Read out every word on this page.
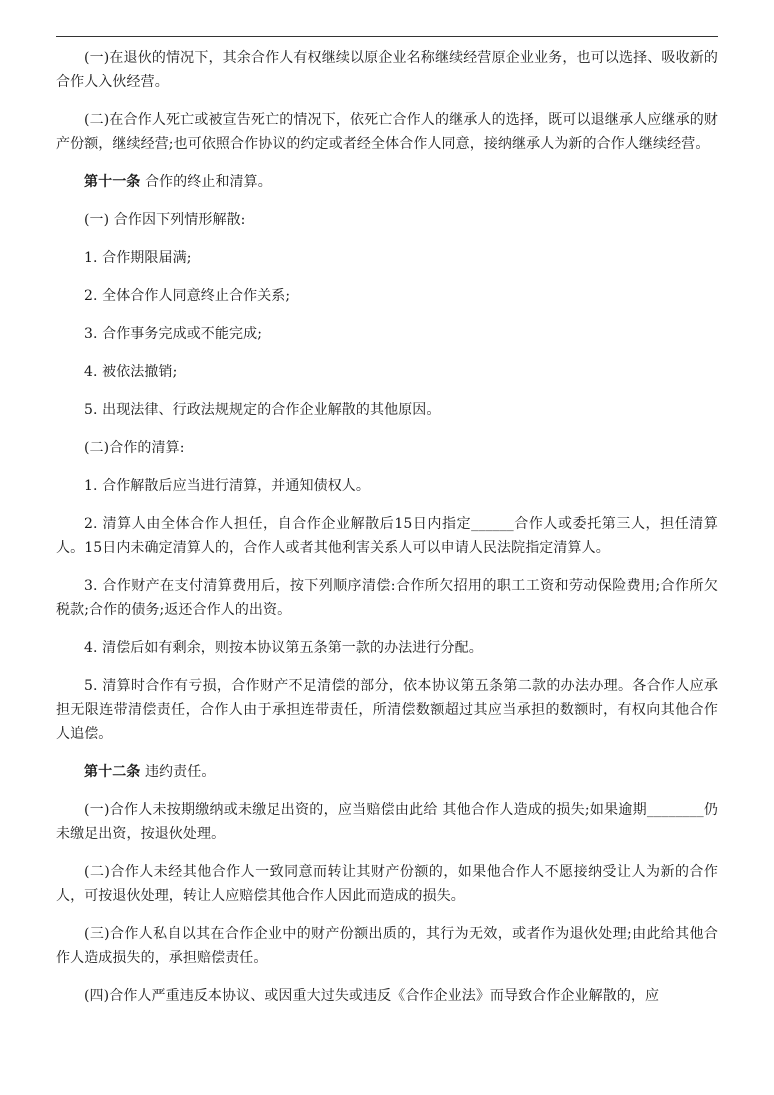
(一)在退伙的情况下，其余合作人有权继续以原企业名称继续经营原企业业务，也可以选择、吸收新的合作人入伙经营。

(二)在合作人死亡或被宣告死亡的情况下，依死亡合作人的继承人的选择，既可以退继承人应继承的财产份额，继续经营;也可依照合作协议的约定或者经全体合作人同意，接纳继承人为新的合作人继续经营。

第十一条 合作的终止和清算。

(一) 合作因下列情形解散:

1. 合作期限届满;

2. 全体合作人同意终止合作关系;

3. 合作事务完成或不能完成;

4. 被依法撤销;

5. 出现法律、行政法规规定的合作企业解散的其他原因。

(二)合作的清算:

1. 合作解散后应当进行清算，并通知债权人。

2. 清算人由全体合作人担任，自合作企业解散后15日内指定______合作人或委托第三人，担任清算人。15日内未确定清算人的，合作人或者其他利害关系人可以申请人民法院指定清算人。

3. 合作财产在支付清算费用后，按下列顺序清偿:合作所欠招用的职工工资和劳动保险费用;合作所欠税款;合作的债务;返还合作人的出资。

4. 清偿后如有剩余，则按本协议第五条第一款的办法进行分配。

5. 清算时合作有亏损，合作财产不足清偿的部分，依本协议第五条第二款的办法办理。各合作人应承担无限连带清偿责任，合作人由于承担连带责任，所清偿数额超过其应当承担的数额时，有权向其他合作人追偿。

第十二条 违约责任。

(一)合作人未按期缴纳或未缴足出资的，应当赔偿由此给 其他合作人造成的损失;如果逾期________仍未缴足出资，按退伙处理。

(二)合作人未经其他合作人一致同意而转让其财产份额的，如果他合作人不愿接纳受让人为新的合作人，可按退伙处理，转让人应赔偿其他合作人因此而造成的损失。

(三)合作人私自以其在合作企业中的财产份额出质的，其行为无效，或者作为退伙处理;由此给其他合作人造成损失的，承担赔偿责任。

(四)合作人严重违反本协议、或因重大过失或违反《合作企业法》而导致合作企业解散的，应
